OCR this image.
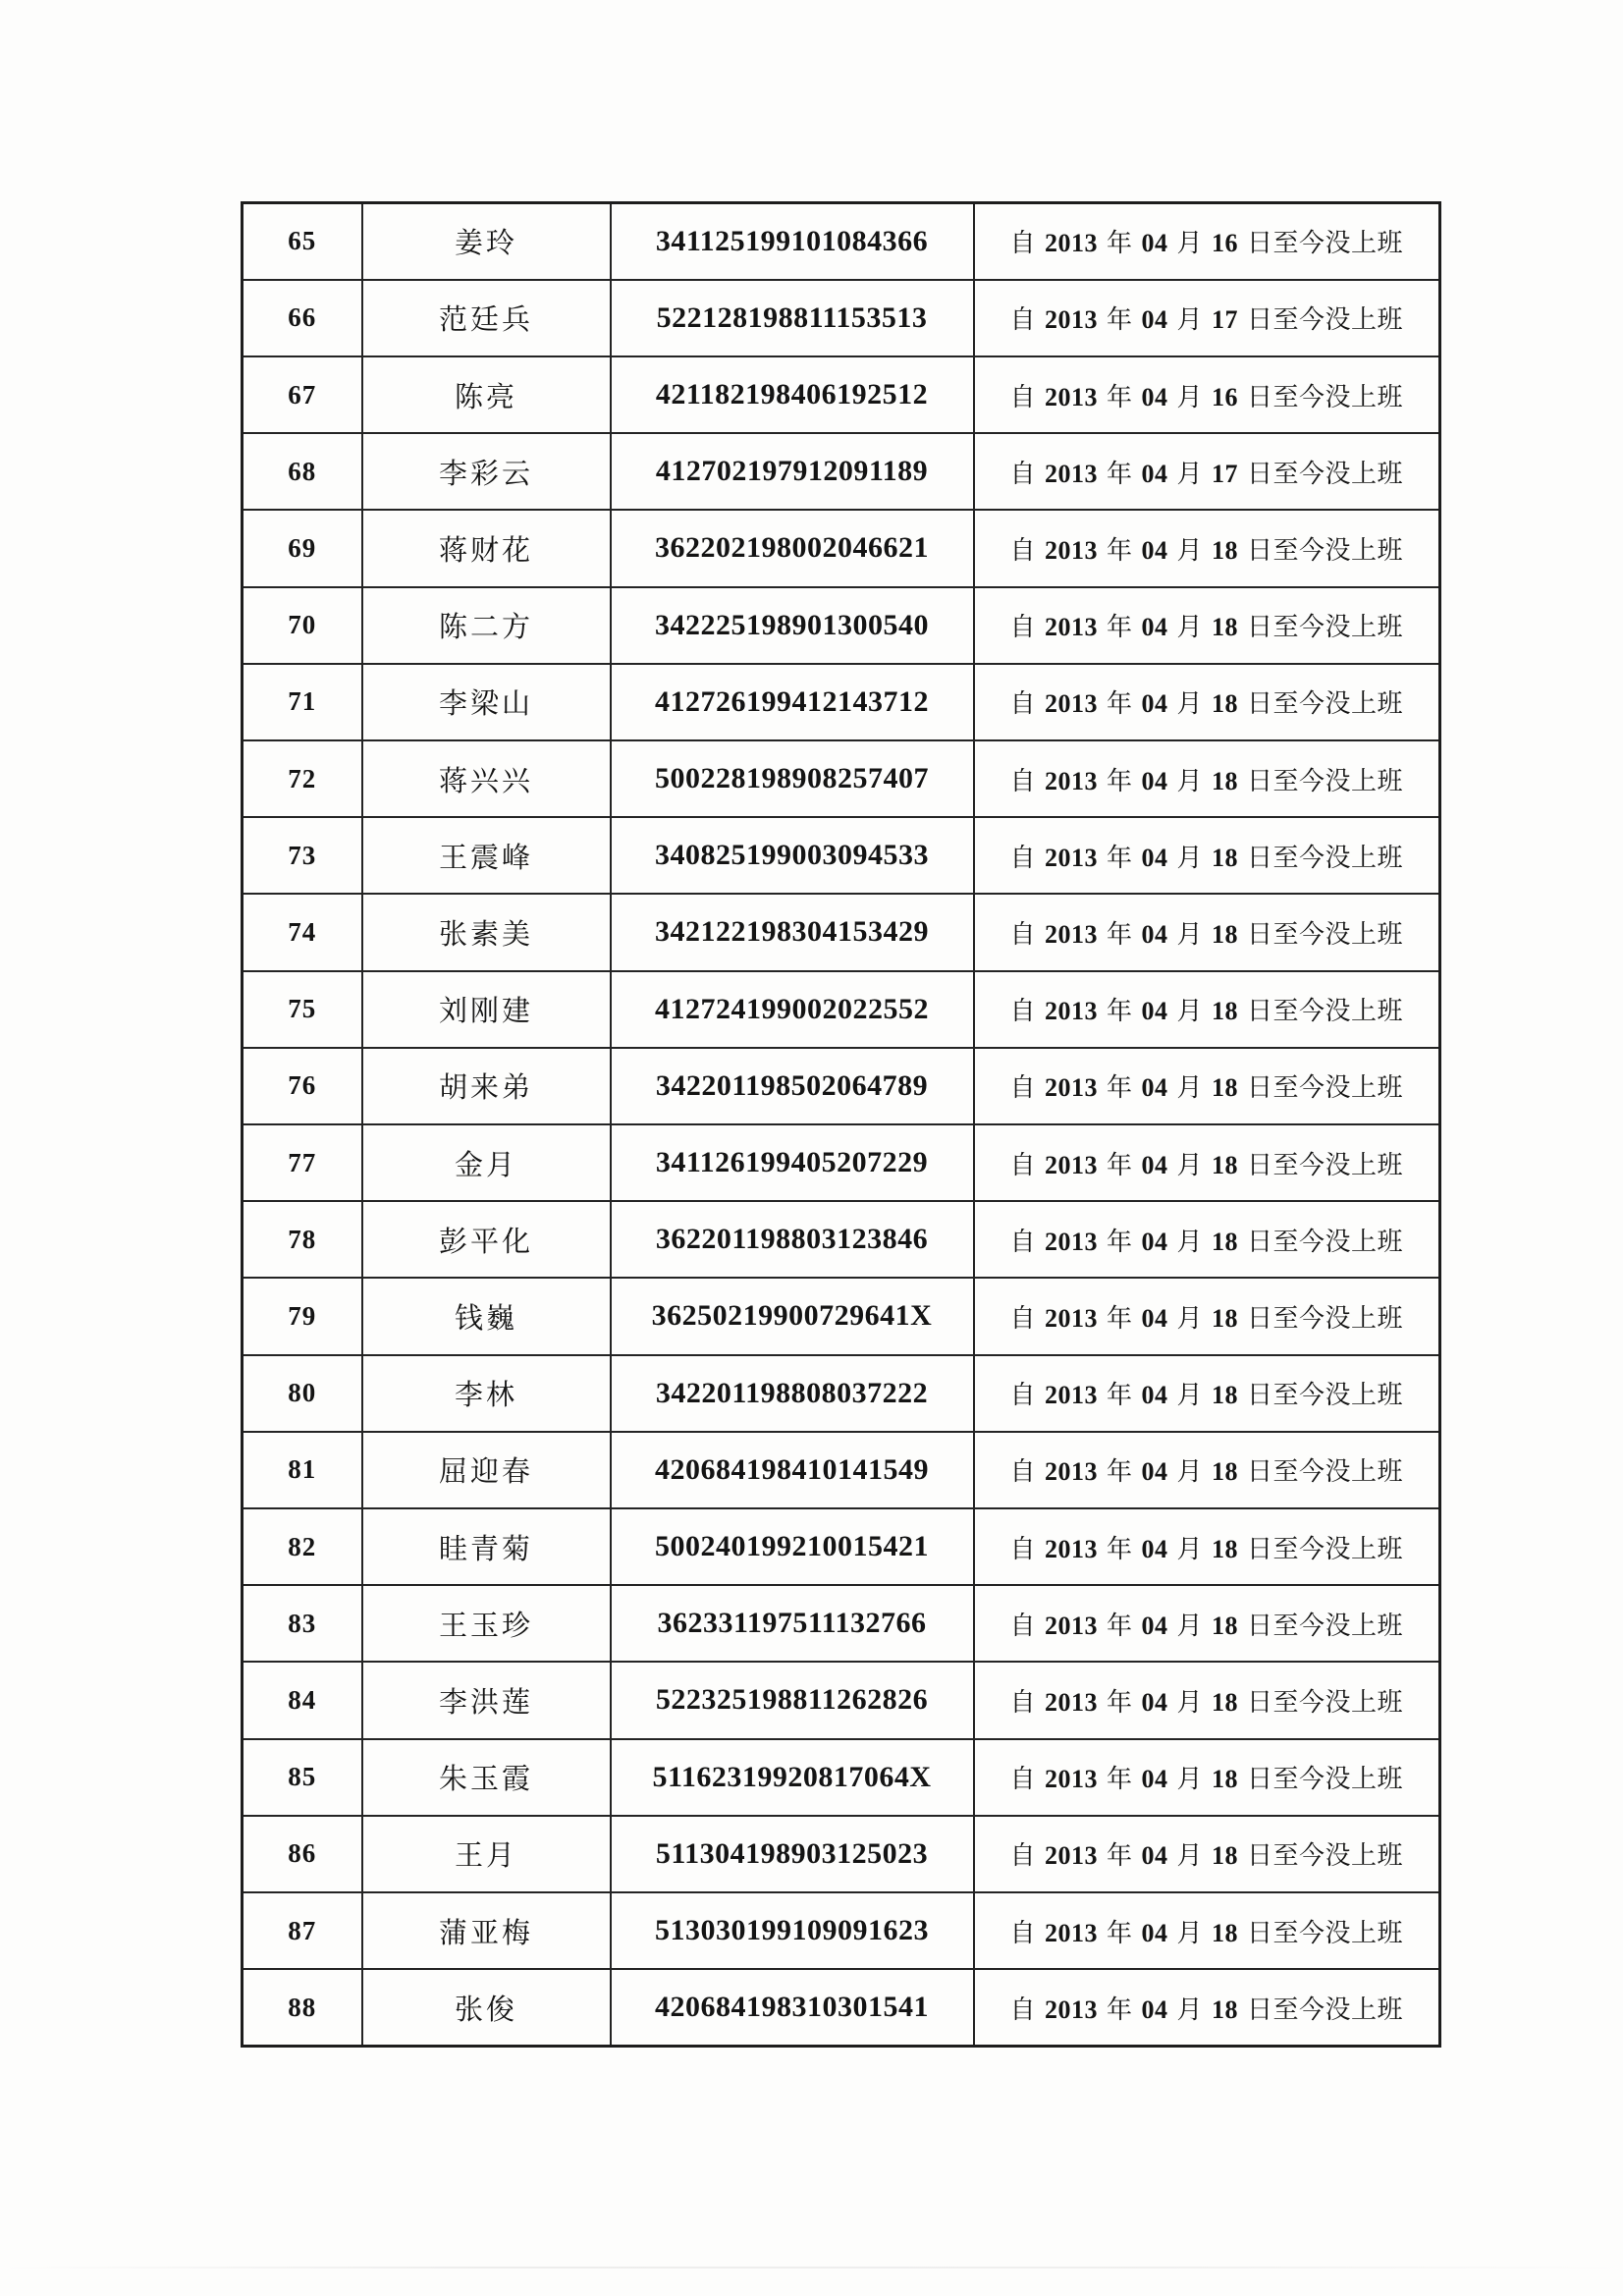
65	姜玲	341125199101084366	自 2013 年 04 月 16 日至今没上班
66	范廷兵	522128198811153513	自 2013 年 04 月 17 日至今没上班
67	陈亮	421182198406192512	自 2013 年 04 月 16 日至今没上班
68	李彩云	412702197912091189	自 2013 年 04 月 17 日至今没上班
69	蒋财花	362202198002046621	自 2013 年 04 月 18 日至今没上班
70	陈二方	342225198901300540	自 2013 年 04 月 18 日至今没上班
71	李梁山	412726199412143712	自 2013 年 04 月 18 日至今没上班
72	蒋兴兴	500228198908257407	自 2013 年 04 月 18 日至今没上班
73	王震峰	340825199003094533	自 2013 年 04 月 18 日至今没上班
74	张素美	342122198304153429	自 2013 年 04 月 18 日至今没上班
75	刘刚建	412724199002022552	自 2013 年 04 月 18 日至今没上班
76	胡来弟	342201198502064789	自 2013 年 04 月 18 日至今没上班
77	金月	341126199405207229	自 2013 年 04 月 18 日至今没上班
78	彭平化	362201198803123846	自 2013 年 04 月 18 日至今没上班
79	钱巍	36250219900729641X	自 2013 年 04 月 18 日至今没上班
80	李林	342201198808037222	自 2013 年 04 月 18 日至今没上班
81	屈迎春	420684198410141549	自 2013 年 04 月 18 日至今没上班
82	眭青菊	500240199210015421	自 2013 年 04 月 18 日至今没上班
83	王玉珍	362331197511132766	自 2013 年 04 月 18 日至今没上班
84	李洪莲	522325198811262826	自 2013 年 04 月 18 日至今没上班
85	朱玉霞	51162319920817064X	自 2013 年 04 月 18 日至今没上班
86	王月	511304198903125023	自 2013 年 04 月 18 日至今没上班
87	蒲亚梅	513030199109091623	自 2013 年 04 月 18 日至今没上班
88	张俊	420684198310301541	自 2013 年 04 月 18 日至今没上班
